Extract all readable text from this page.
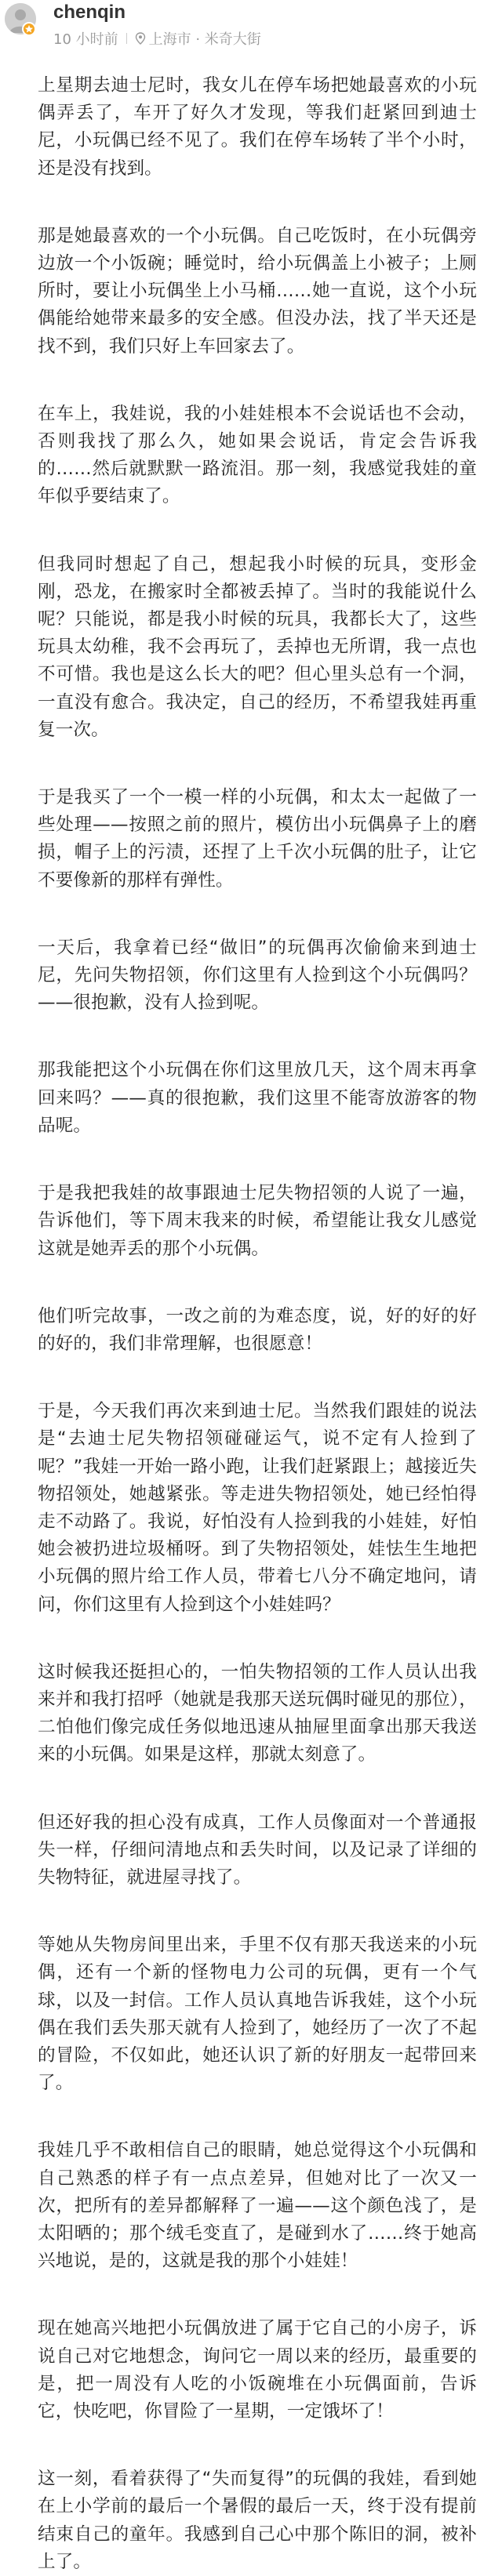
chenqin
10 小时前 上海市 · 米奇大街

上星期去迪士尼时，我女儿在停车场把她最喜欢的小玩偶弄丢了，车开了好久才发现，等我们赶紧回到迪士尼，小玩偶已经不见了。我们在停车场转了半个小时，还是没有找到。

那是她最喜欢的一个小玩偶。自己吃饭时，在小玩偶旁边放一个小饭碗；睡觉时，给小玩偶盖上小被子；上厕所时，要让小玩偶坐上小马桶……她一直说，这个小玩偶能给她带来最多的安全感。但没办法，找了半天还是找不到，我们只好上车回家去了。

在车上，我娃说，我的小娃娃根本不会说话也不会动，否则我找了那么久，她如果会说话，肯定会告诉我的……然后就默默一路流泪。那一刻，我感觉我娃的童年似乎要结束了。

但我同时想起了自己，想起我小时候的玩具，变形金刚，恐龙，在搬家时全都被丢掉了。当时的我能说什么呢？只能说，都是我小时候的玩具，我都长大了，这些玩具太幼稚，我不会再玩了，丢掉也无所谓，我一点也不可惜。我也是这么长大的吧？但心里头总有一个洞，一直没有愈合。我决定，自己的经历，不希望我娃再重复一次。

于是我买了一个一模一样的小玩偶，和太太一起做了一些处理——按照之前的照片，模仿出小玩偶鼻子上的磨损，帽子上的污渍，还捏了上千次小玩偶的肚子，让它不要像新的那样有弹性。

一天后，我拿着已经“做旧”的玩偶再次偷偷来到迪士尼，先问失物招领，你们这里有人捡到这个小玩偶吗？——很抱歉，没有人捡到呢。

那我能把这个小玩偶在你们这里放几天，这个周末再拿回来吗？——真的很抱歉，我们这里不能寄放游客的物品呢。

于是我把我娃的故事跟迪士尼失物招领的人说了一遍，告诉他们，等下周末我来的时候，希望能让我女儿感觉这就是她弄丢的那个小玩偶。

他们听完故事，一改之前的为难态度，说，好的好的好的好的，我们非常理解，也很愿意！

于是，今天我们再次来到迪士尼。当然我们跟娃的说法是“去迪士尼失物招领碰碰运气，说不定有人捡到了呢？”我娃一开始一路小跑，让我们赶紧跟上；越接近失物招领处，她越紧张。等走进失物招领处，她已经怕得走不动路了。我说，好怕没有人捡到我的小娃娃，好怕她会被扔进垃圾桶呀。到了失物招领处，娃怯生生地把小玩偶的照片给工作人员，带着七八分不确定地问，请问，你们这里有人捡到这个小娃娃吗？

这时候我还挺担心的，一怕失物招领的工作人员认出我来并和我打招呼（她就是我那天送玩偶时碰见的那位），二怕他们像完成任务似地迅速从抽屉里面拿出那天我送来的小玩偶。如果是这样，那就太刻意了。

但还好我的担心没有成真，工作人员像面对一个普通报失一样，仔细问清地点和丢失时间，以及记录了详细的失物特征，就进屋寻找了。

等她从失物房间里出来，手里不仅有那天我送来的小玩偶，还有一个新的怪物电力公司的玩偶，更有一个气球，以及一封信。工作人员认真地告诉我娃，这个小玩偶在我们丢失那天就有人捡到了，她经历了一次了不起的冒险，不仅如此，她还认识了新的好朋友一起带回来了。

我娃几乎不敢相信自己的眼睛，她总觉得这个小玩偶和自己熟悉的样子有一点点差异，但她对比了一次又一次，把所有的差异都解释了一遍——这个颜色浅了，是太阳晒的；那个绒毛变直了，是碰到水了……终于她高兴地说，是的，这就是我的那个小娃娃！

现在她高兴地把小玩偶放进了属于它自己的小房子，诉说自己对它地想念，询问它一周以来的经历，最重要的是，把一周没有人吃的小饭碗堆在小玩偶面前，告诉它，快吃吧，你冒险了一星期，一定饿坏了！

这一刻，看着获得了“失而复得”的玩偶的我娃，看到她在上小学前的最后一个暑假的最后一天，终于没有提前结束自己的童年。我感到自己心中那个陈旧的洞，被补上了。
